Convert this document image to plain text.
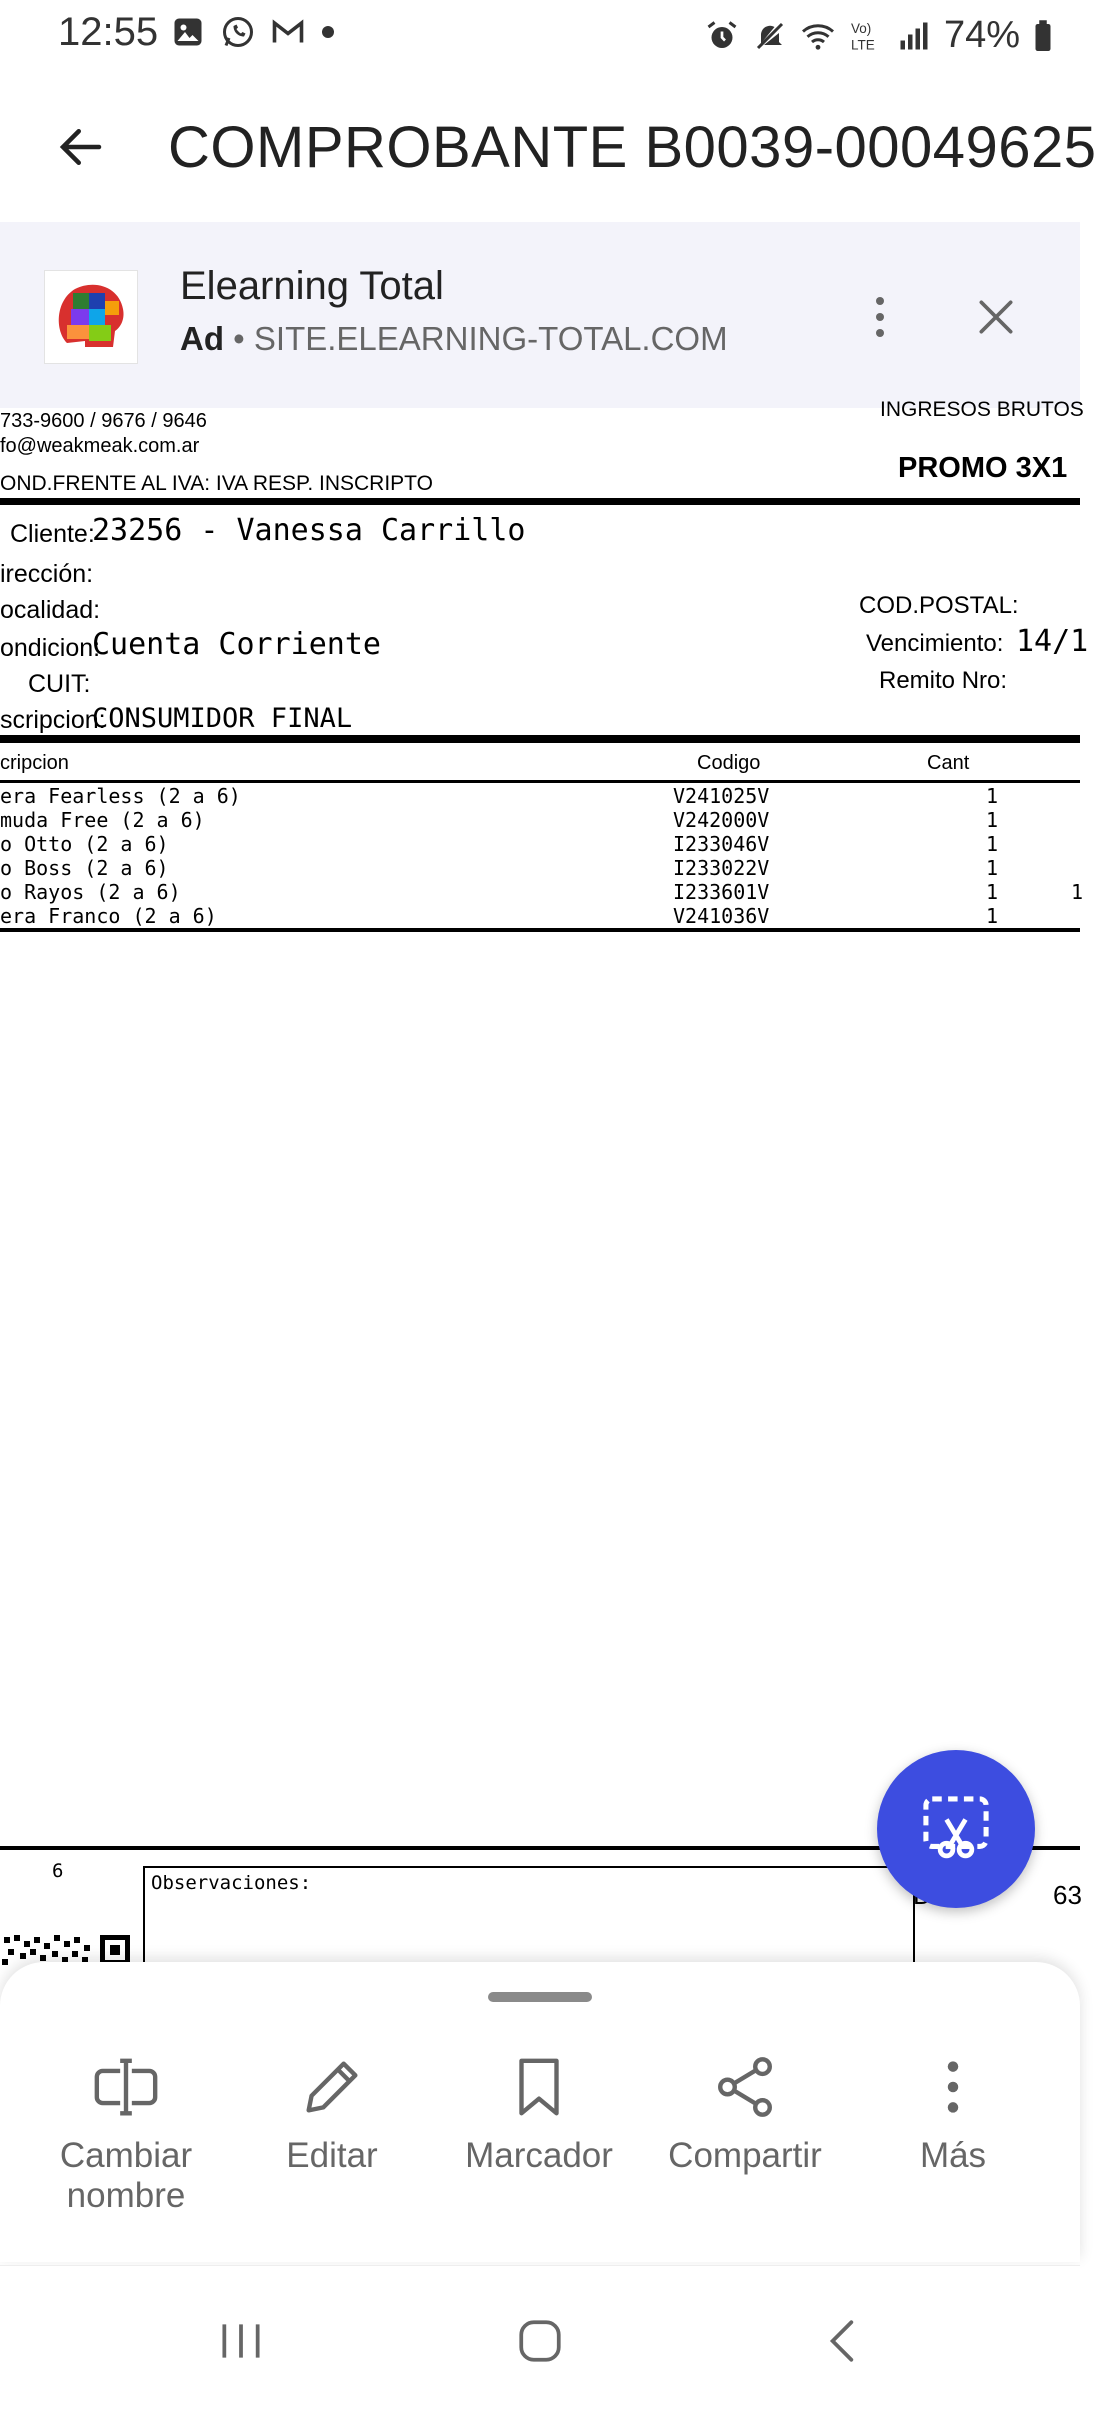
12:55	Vo)
LTE 74%
COMPROBANTE B0039-00049625
Elearning Total
Ad • SITE.ELEARNING-TOTAL.COM
733-9600 / 9676 / 9646
fo@weakmeak.com.ar
OND.FRENTE AL IVA: IVA RESP. INSCRIPTO
INGRESOS BRUTOS
PROMO 3X1
Cliente:
23256 - Vanessa Carrillo
irección:
ocalidad:
ondicion:
Cuenta Corriente
CUIT:
scripcion:
CONSUMIDOR FINAL
COD.POSTAL:
Vencimiento: 14/1
Remito Nro:
cripcion	Codigo	Cant
era Fearless (2 a 6)	V241025V	1
muda Free (2 a 6)	V242000V	1
o Otto (2 a 6)	I233046V	1
o Boss (2 a 6)	I233022V	1
o Rayos (2 a 6)	I233601V	1	1
era Franco (2 a 6)	V241036V	1
6
Observaciones:	63
Cambiar nombre
Editar	Marcador	Compartir	Más
